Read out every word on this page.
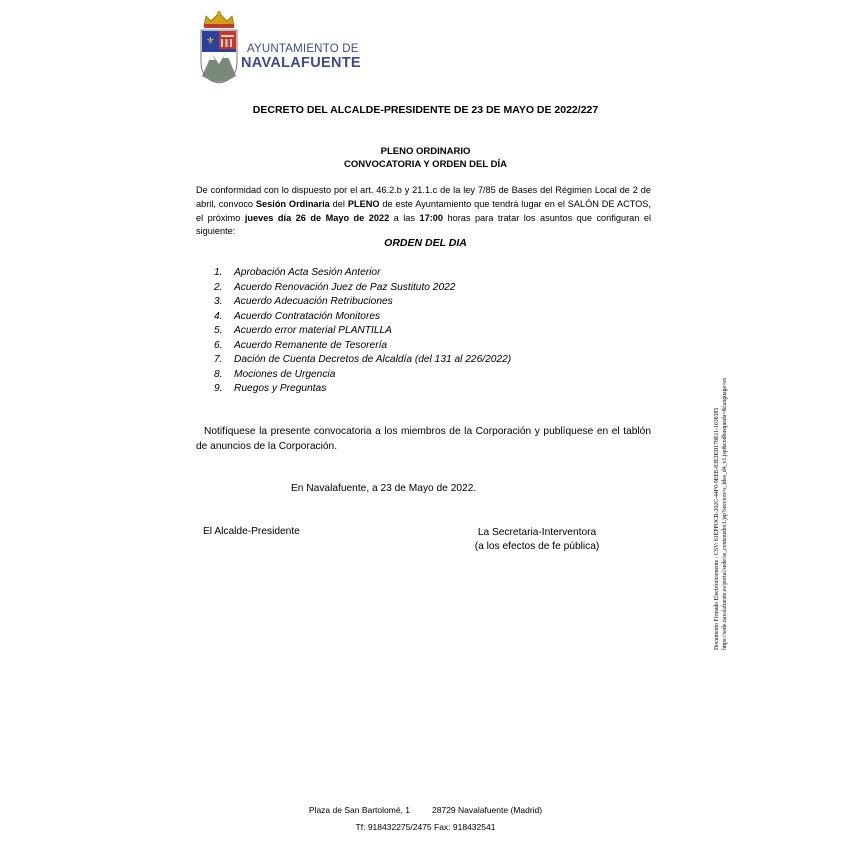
⚜
AYUNTAMIENTO DE
NAVALAFUENTE
DECRETO DEL ALCALDE-PRESIDENTE DE 23 DE MAYO DE 2022/227
PLENO ORDINARIO
CONVOCATORIA Y ORDEN DEL DÍA
De conformidad con lo dispuesto por el art. 46.2.b y 21.1.c de la ley 7/85 de Bases del Régimen Local de 2 de abril, convoco Sesión Ordinaria del PLENO de este Ayuntamiento que tendrá lugar en el SALÓN DE ACTOS, el próximo jueves día 26 de Mayo de 2022 a las 17:00 horas para tratar los asuntos que configuran el siguiente:
ORDEN DEL DIA
1. Aprobación Acta Sesión Anterior
2. Acuerdo Renovación Juez de Paz Sustituto 2022
3. Acuerdo Adecuación Retribuciones
4. Acuerdo Contratación Monitores
5. Acuerdo error material PLANTILLA
6. Acuerdo Remanente de Tesorería
7. Dación de Cuenta Decretos de Alcaldía (del 131 al 226/2022)
8. Mociones de Urgencia
9. Ruegos y Preguntas
Notifíquese la presente convocatoria a los miembros de la Corporación y publíquese en el tablón de anuncios de la Corporación.
En Navalafuente, a 23 de Mayo de 2022.
El Alcalde-Presidente	La Secretaria-Interventora
(a los efectos de fe pública)	Documento Firmado Electrónicamente - CSV: 61EPPOCR-202C-44F0-9EEE-83E3ED178E11-1038385 https://sede.navalafuente.es/portal/sede/se_contenedor1.jsp?seccion=s_fdes_d4_v1.jsp&codbusqueda=&language=es
Plaza de San Bartolomé, 1	28729 Navalafuente (Madrid)
Tf: 918432275/2475 Fax: 918432541
